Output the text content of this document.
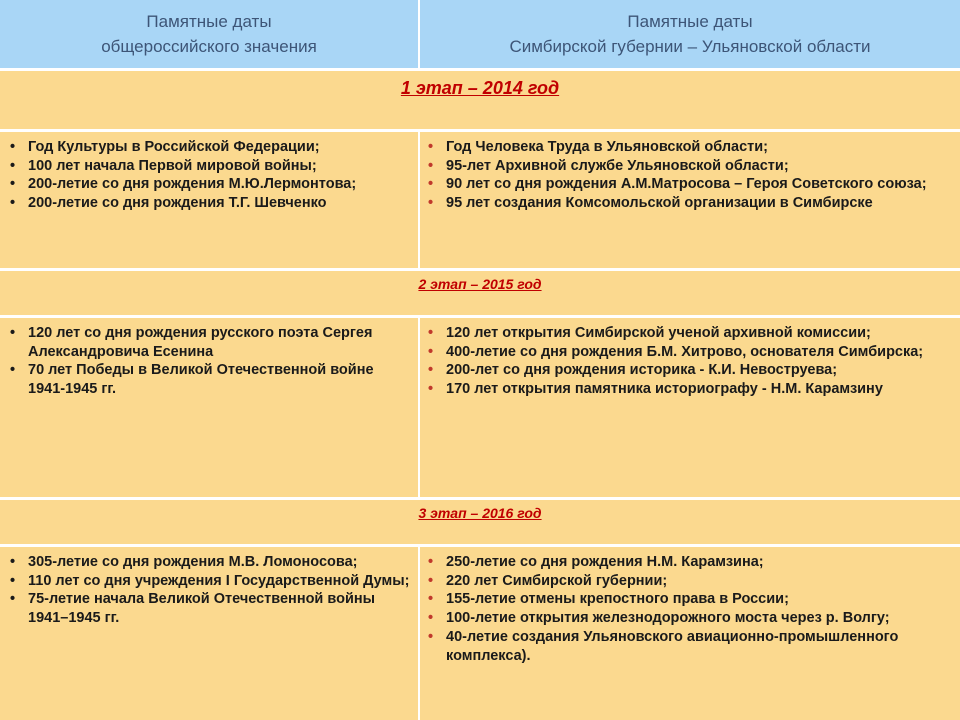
Памятные даты
общероссийского значения
Памятные даты
Симбирской губернии – Ульяновской области
1 этап – 2014 год
• Год Культуры в Российской Федерации;
• 100 лет начала Первой мировой войны;
• 200-летие со дня рождения М.Ю.Лермонтова;
• 200-летие со дня рождения Т.Г. Шевченко
• Год Человека Труда в Ульяновской области;
• 95-лет Архивной службе Ульяновской области;
• 90 лет со дня рождения А.М.Матросова – Героя Советского союза;
• 95 лет создания Комсомольской организации в Симбирске
2 этап – 2015 год
• 120 лет со дня рождения русского поэта Сергея Александровича Есенина
• 70 лет Победы в Великой Отечественной войне 1941-1945 гг.
• 120 лет открытия Симбирской ученой архивной комиссии;
• 400-летие со дня рождения Б.М. Хитрово, основателя Симбирска;
• 200-лет со дня рождения историка - К.И. Невоструева;
• 170 лет открытия памятника историографу - Н.М. Карамзину
3 этап – 2016 год
• 305-летие со дня рождения М.В. Ломоносова;
• 110 лет со дня учреждения I Государственной Думы;
• 75-летие начала Великой Отечественной войны 1941–1945 гг.
• 250-летие со дня рождения Н.М. Карамзина;
• 220 лет Симбирской губернии;
• 155-летие отмены крепостного права в России;
• 100-летие открытия железнодорожного моста через р. Волгу;
• 40-летие создания Ульяновского авиационно-промышленного комплекса).
